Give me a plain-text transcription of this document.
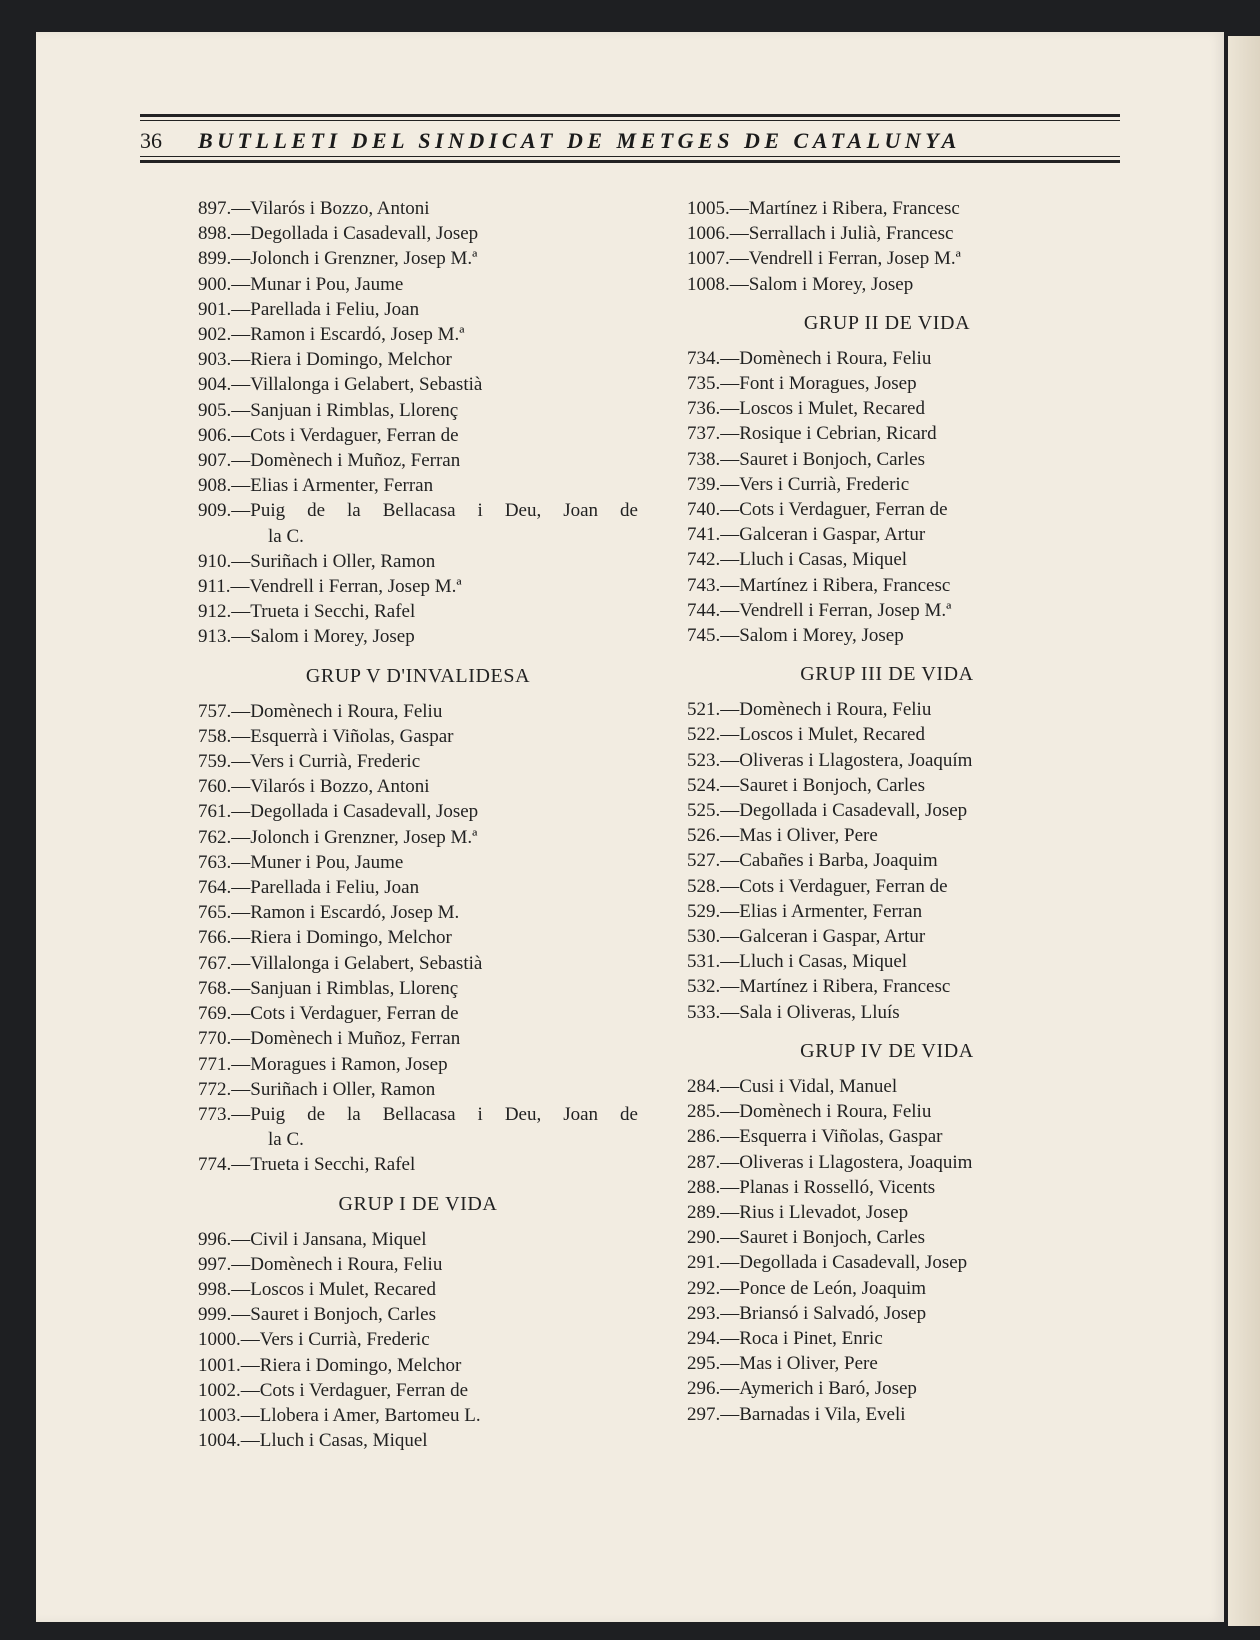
36	BUTLLETI DEL SINDICAT DE METGES DE CATALUNYA
897.—Vilarós i Bozzo, Antoni
898.—Degollada i Casadevall, Josep
899.—Jolonch i Grenzner, Josep M.ª
900.—Munar i Pou, Jaume
901.—Parellada i Feliu, Joan
902.—Ramon i Escardó, Josep M.ª
903.—Riera i Domingo, Melchor
904.—Villalonga i Gelabert, Sebastià
905.—Sanjuan i Rimblas, Llorenç
906.—Cots i Verdaguer, Ferran de
907.—Domènech i Muñoz, Ferran
908.—Elias i Armenter, Ferran
909.—Puig de la Bellacasa i Deu, Joan de
la C.
910.—Suriñach i Oller, Ramon
911.—Vendrell i Ferran, Josep M.ª
912.—Trueta i Secchi, Rafel
913.—Salom i Morey, Josep
GRUP V D'INVALIDESA
757.—Domènech i Roura, Feliu
758.—Esquerrà i Viñolas, Gaspar
759.—Vers i Currià, Frederic
760.—Vilarós i Bozzo, Antoni
761.—Degollada i Casadevall, Josep
762.—Jolonch i Grenzner, Josep M.ª
763.—Muner i Pou, Jaume
764.—Parellada i Feliu, Joan
765.—Ramon i Escardó, Josep M.
766.—Riera i Domingo, Melchor
767.—Villalonga i Gelabert, Sebastià
768.—Sanjuan i Rimblas, Llorenç
769.—Cots i Verdaguer, Ferran de
770.—Domènech i Muñoz, Ferran
771.—Moragues i Ramon, Josep
772.—Suriñach i Oller, Ramon
773.—Puig de la Bellacasa i Deu, Joan de
la C.
774.—Trueta i Secchi, Rafel
GRUP I DE VIDA
996.—Civil i Jansana, Miquel
997.—Domènech i Roura, Feliu
998.—Loscos i Mulet, Recared
999.—Sauret i Bonjoch, Carles
1000.—Vers i Currià, Frederic
1001.—Riera i Domingo, Melchor
1002.—Cots i Verdaguer, Ferran de
1003.—Llobera i Amer, Bartomeu L.
1004.—Lluch i Casas, Miquel
1005.—Martínez i Ribera, Francesc
1006.—Serrallach i Julià, Francesc
1007.—Vendrell i Ferran, Josep M.ª
1008.—Salom i Morey, Josep
GRUP II DE VIDA
734.—Domènech i Roura, Feliu
735.—Font i Moragues, Josep
736.—Loscos i Mulet, Recared
737.—Rosique i Cebrian, Ricard
738.—Sauret i Bonjoch, Carles
739.—Vers i Currià, Frederic
740.—Cots i Verdaguer, Ferran de
741.—Galceran i Gaspar, Artur
742.—Lluch i Casas, Miquel
743.—Martínez i Ribera, Francesc
744.—Vendrell i Ferran, Josep M.ª
745.—Salom i Morey, Josep
GRUP III DE VIDA
521.—Domènech i Roura, Feliu
522.—Loscos i Mulet, Recared
523.—Oliveras i Llagostera, Joaquím
524.—Sauret i Bonjoch, Carles
525.—Degollada i Casadevall, Josep
526.—Mas i Oliver, Pere
527.—Cabañes i Barba, Joaquim
528.—Cots i Verdaguer, Ferran de
529.—Elias i Armenter, Ferran
530.—Galceran i Gaspar, Artur
531.—Lluch i Casas, Miquel
532.—Martínez i Ribera, Francesc
533.—Sala i Oliveras, Lluís
GRUP IV DE VIDA
284.—Cusi i Vidal, Manuel
285.—Domènech i Roura, Feliu
286.—Esquerra i Viñolas, Gaspar
287.—Oliveras i Llagostera, Joaquim
288.—Planas i Rosselló, Vicents
289.—Rius i Llevadot, Josep
290.—Sauret i Bonjoch, Carles
291.—Degollada i Casadevall, Josep
292.—Ponce de León, Joaquim
293.—Briansó i Salvadó, Josep
294.—Roca i Pinet, Enric
295.—Mas i Oliver, Pere
296.—Aymerich i Baró, Josep
297.—Barnadas i Vila, Eveli
